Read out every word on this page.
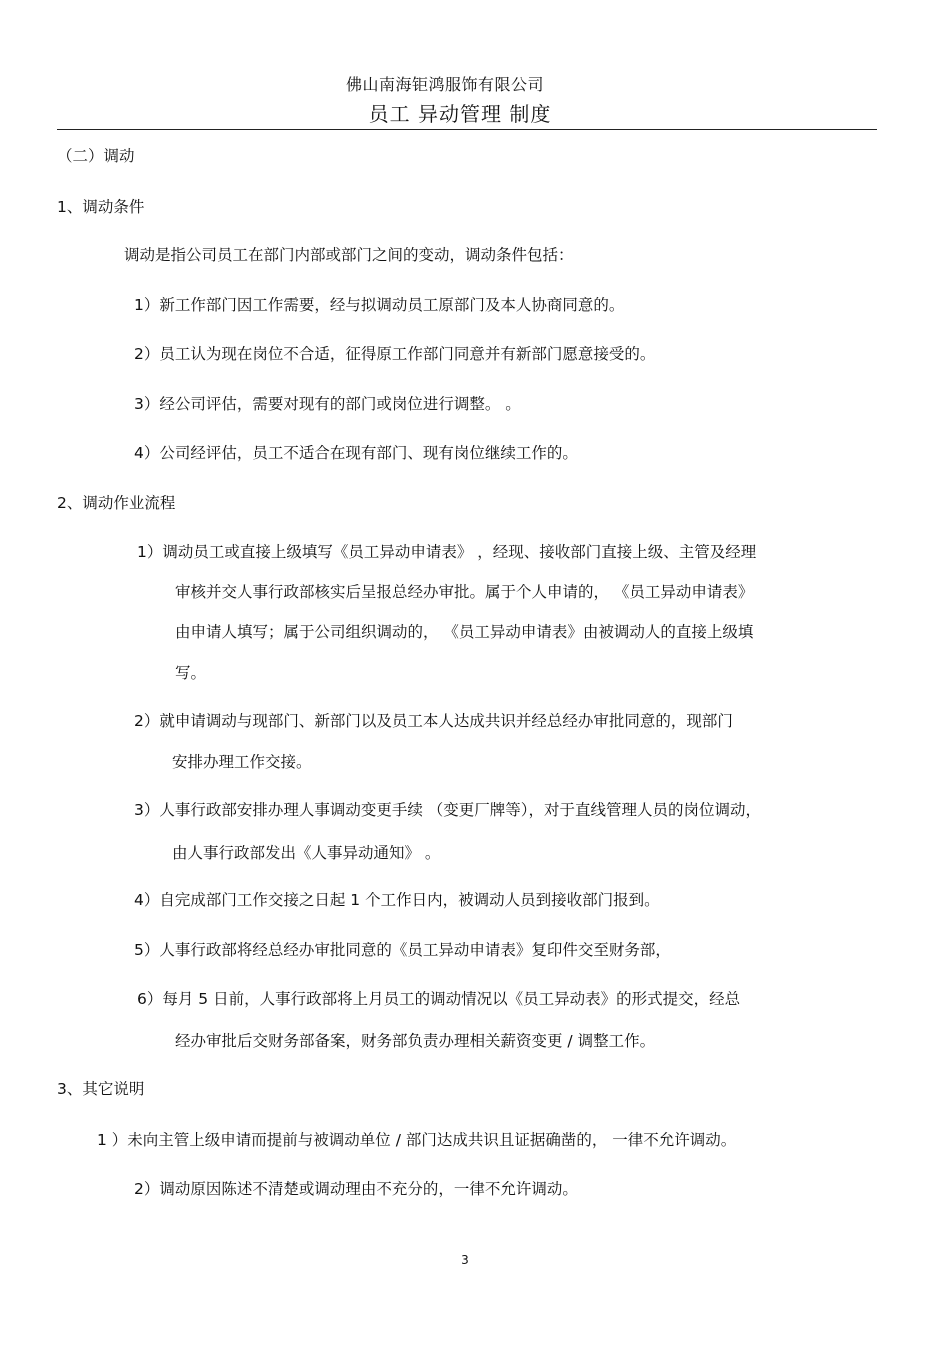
佛山南海钜鸿服饰有限公司
员工 异动管理 制度
（二）调动
1、调动条件
调动是指公司员工在部门内部或部门之间的变动，调动条件包括：
1）新工作部门因工作需要，经与拟调动员工原部门及本人协商同意的。
2）员工认为现在岗位不合适，征得原工作部门同意并有新部门愿意接受的。
3）经公司评估，需要对现有的部门或岗位进行调整。 。
4）公司经评估，员工不适合在现有部门、现有岗位继续工作的。
2、调动作业流程
1）调动员工或直接上级填写《员工异动申请表》 ，经现、接收部门直接上级、主管及经理
审核并交人事行政部核实后呈报总经办审批。属于个人申请的， 《员工异动申请表》
由申请人填写；属于公司组织调动的， 《员工异动申请表》由被调动人的直接上级填
写。
2）就申请调动与现部门、新部门以及员工本人达成共识并经总经办审批同意的，现部门
安排办理工作交接。
3）人事行政部安排办理人事调动变更手续 （变更厂牌等），对于直线管理人员的岗位调动，
由人事行政部发出《人事异动通知》 。
4）自完成部门工作交接之日起 1 个工作日内，被调动人员到接收部门报到。
5）人事行政部将经总经办审批同意的《员工异动申请表》复印件交至财务部，
6）每月 5 日前，人事行政部将上月员工的调动情况以《员工异动表》的形式提交，经总
经办审批后交财务部备案，财务部负责办理相关薪资变更 / 调整工作。
3、其它说明
1 ）未向主管上级申请而提前与被调动单位 / 部门达成共识且证据确凿的， 一律不允许调动。
2）调动原因陈述不清楚或调动理由不充分的，一律不允许调动。
3
